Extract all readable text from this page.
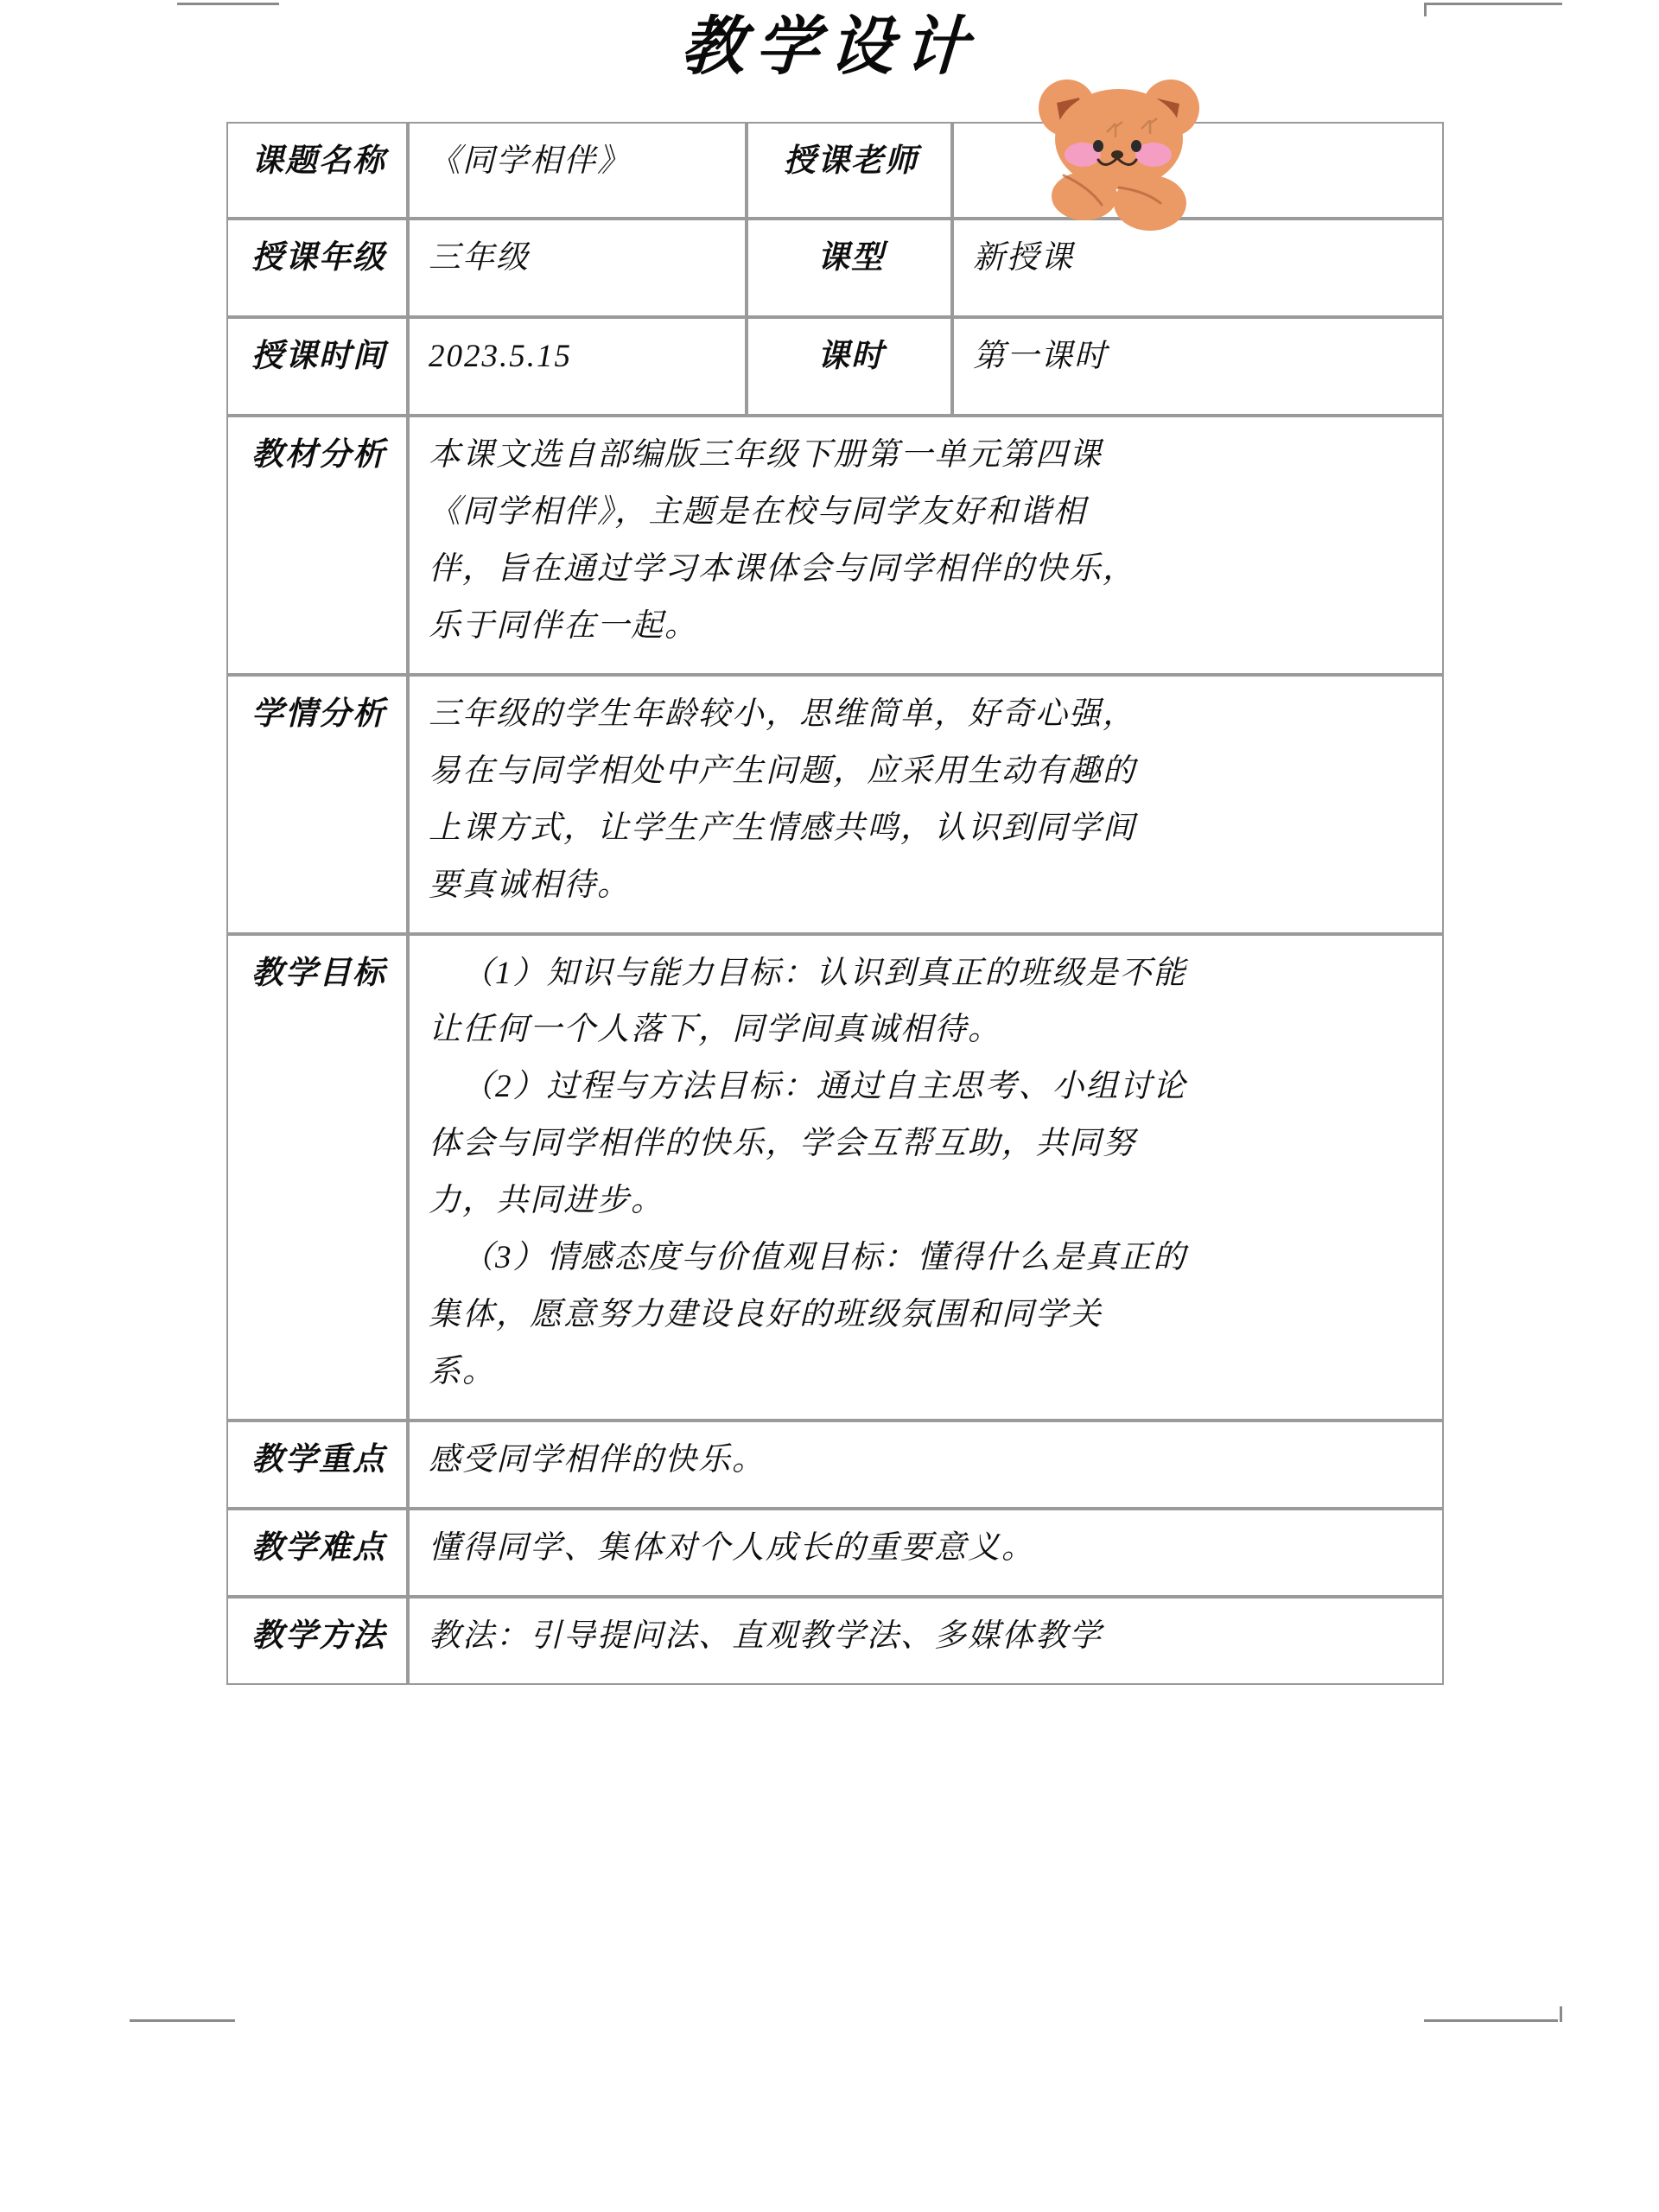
教学设计
课题名称	《同学相伴》	授课老师	
授课年级	三年级	课型	新授课
授课时间	2023.5.15	课时	第一课时
教材分析	本课文选自部编版三年级下册第一单元第四课

《同学相伴》，主题是在校与同学友好和谐相

伴，旨在通过学习本课体会与同学相伴的快乐，

乐于同伴在一起。		

学情分析	三年级的学生年龄较小，思维简单，好奇心强，

易在与同学相处中产生问题，应采用生动有趣的

上课方式，让学生产生情感共鸣，认识到同学间

要真诚相待。		

教学目标	（1）知识与能力目标：认识到真正的班级是不能

让任何一个人落下，同学间真诚相待。

（2）过程与方法目标：通过自主思考、小组讨论

体会与同学相伴的快乐，学会互帮互助，共同努

力，共同进步。

（3）情感态度与价值观目标：懂得什么是真正的

集体，愿意努力建设良好的班级氛围和同学关

系。

教学重点	感受同学相伴的快乐。		

教学难点	懂得同学、集体对个人成长的重要意义。		

教学方法	教法：引导提问法、直观教学法、多媒体教学		
